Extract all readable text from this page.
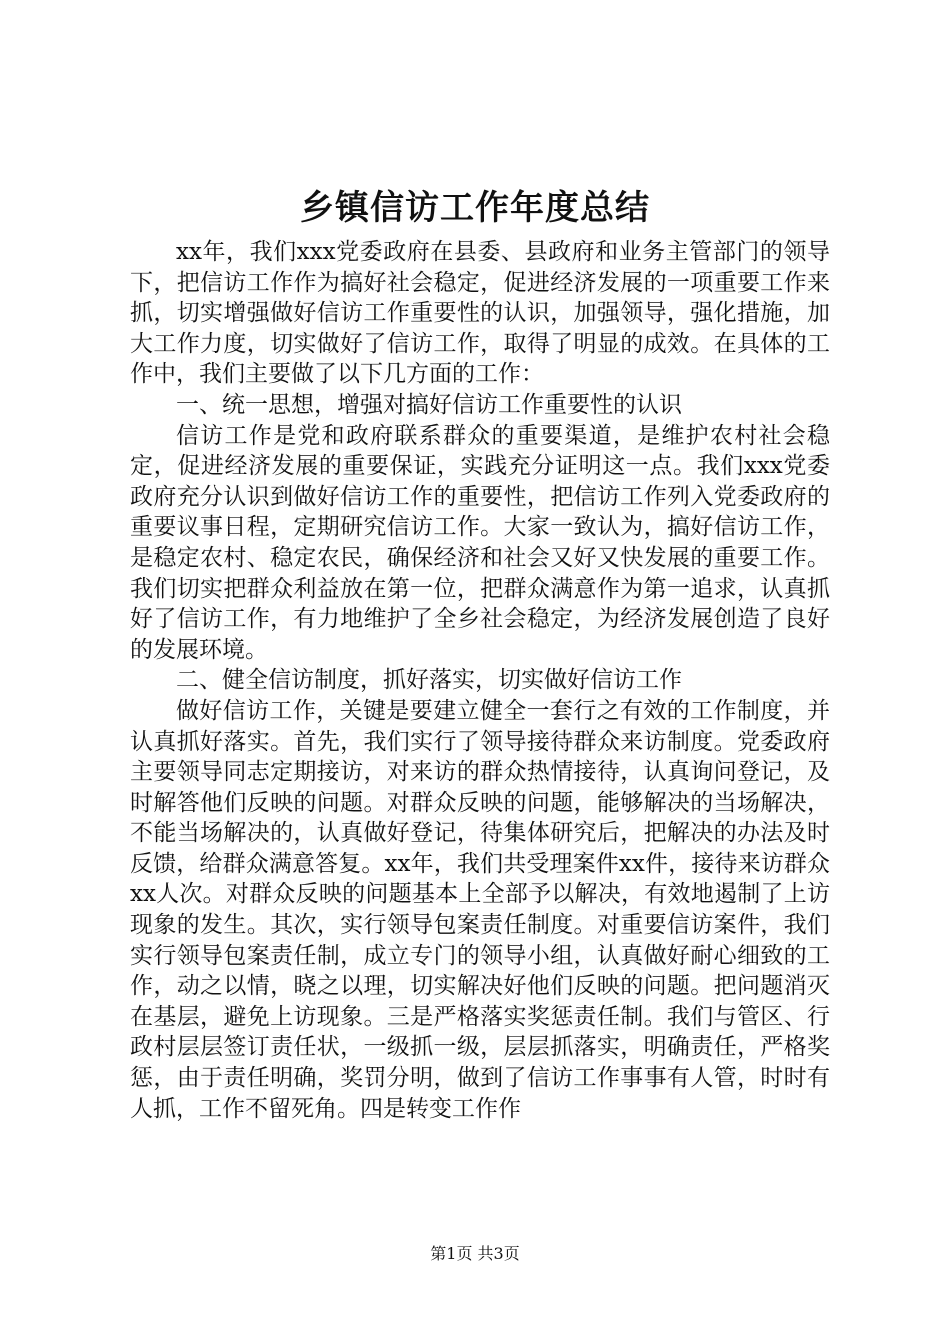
乡镇信访工作年度总结

xx年，我们xxx党委政府在县委、县政府和业务主管部门的领导下，把信访工作作为搞好社会稳定，促进经济发展的一项重要工作来抓，切实增强做好信访工作重要性的认识，加强领导，强化措施，加大工作力度，切实做好了信访工作，取得了明显的成效。在具体的工作中，我们主要做了以下几方面的工作：

一、统一思想，增强对搞好信访工作重要性的认识

信访工作是党和政府联系群众的重要渠道，是维护农村社会稳定，促进经济发展的重要保证，实践充分证明这一点。我们xxx党委政府充分认识到做好信访工作的重要性，把信访工作列入党委政府的重要议事日程，定期研究信访工作。大家一致认为，搞好信访工作，是稳定农村、稳定农民，确保经济和社会又好又快发展的重要工作。我们切实把群众利益放在第一位，把群众满意作为第一追求，认真抓好了信访工作，有力地维护了全乡社会稳定，为经济发展创造了良好的发展环境。

二、健全信访制度，抓好落实，切实做好信访工作

做好信访工作，关键是要建立健全一套行之有效的工作制度，并认真抓好落实。首先，我们实行了领导接待群众来访制度。党委政府主要领导同志定期接访，对来访的群众热情接待，认真询问登记，及时解答他们反映的问题。对群众反映的问题，能够解决的当场解决，不能当场解决的，认真做好登记，待集体研究后，把解决的办法及时反馈，给群众满意答复。xx年，我们共受理案件xx件，接待来访群众xx人次。对群众反映的问题基本上全部予以解决，有效地遏制了上访现象的发生。其次，实行领导包案责任制度。对重要信访案件，我们实行领导包案责任制，成立专门的领导小组，认真做好耐心细致的工作，动之以情，晓之以理，切实解决好他们反映的问题。把问题消灭在基层，避免上访现象。三是严格落实奖惩责任制。我们与管区、行政村层层签订责任状，一级抓一级，层层抓落实，明确责任，严格奖惩，由于责任明确，奖罚分明，做到了信访工作事事有人管，时时有人抓，工作不留死角。四是转变工作作

第1页 共3页
